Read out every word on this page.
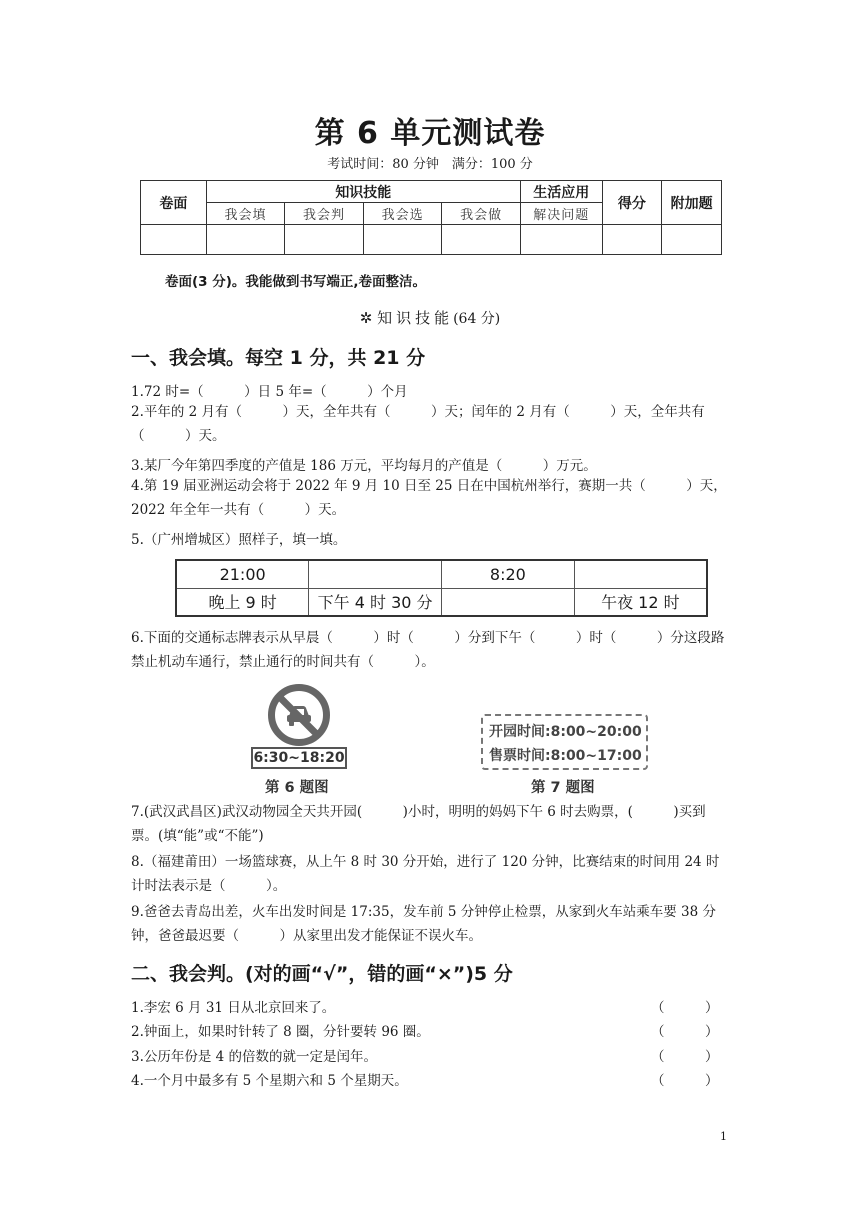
第 6 单元测试卷
考试时间：80 分钟　满分：100 分
卷面	知识技能				生活应用	得分	附加题
	我会填	我会判	我会选	我会做	解决问题		

卷面(3 分)。我能做到书写端正,卷面整洁。
✲ 知识技能(64 分)
一、我会填。每空 1 分，共 21 分
1.72 时=（　　　）日 5 年=（　　　）个月
2.平年的 2 月有（　　　）天，全年共有（　　　）天；闰年的 2 月有（　　　）天，全年共有（　　　）天。
3.某厂今年第四季度的产值是 186 万元，平均每月的产值是（　　　）万元。
4.第 19 届亚洲运动会将于 2022 年 9 月 10 日至 25 日在中国杭州举行，赛期一共（　　　）天，2022 年全年一共有（　　　）天。
5.（广州增城区）照样子，填一填。
21:00		8:20	
晚上 9 时	下午 4 时 30 分		午夜 12 时
6.下面的交通标志牌表示从早晨（　　　）时（　　　）分到下午（　　　）时（　　　）分这段路禁止机动车通行，禁止通行的时间共有（　　　）。
6:30~18:20
第 6 题图
开园时间:8:00~20:00
售票时间:8:00~17:00
第 7 题图
7.(武汉武昌区)武汉动物园全天共开园(　　　)小时，明明的妈妈下午 6 时去购票，(　　　)买到票。(填“能”或“不能”)
8.（福建莆田）一场篮球赛，从上午 8 时 30 分开始，进行了 120 分钟，比赛结束的时间用 24 时计时法表示是（　　　）。
9.爸爸去青岛出差，火车出发时间是 17:35，发车前 5 分钟停止检票，从家到火车站乘车要 38 分钟，爸爸最迟要（　　　）从家里出发才能保证不误火车。
二、我会判。(对的画“√”，错的画“×”)5 分
1.李宏 6 月 31 日从北京回来了。	（　　　）
2.钟面上，如果时针转了 8 圈，分针要转 96 圈。	（　　　）
3.公历年份是 4 的倍数的就一定是闰年。	（　　　）
4.一个月中最多有 5 个星期六和 5 个星期天。	（　　　）
1
